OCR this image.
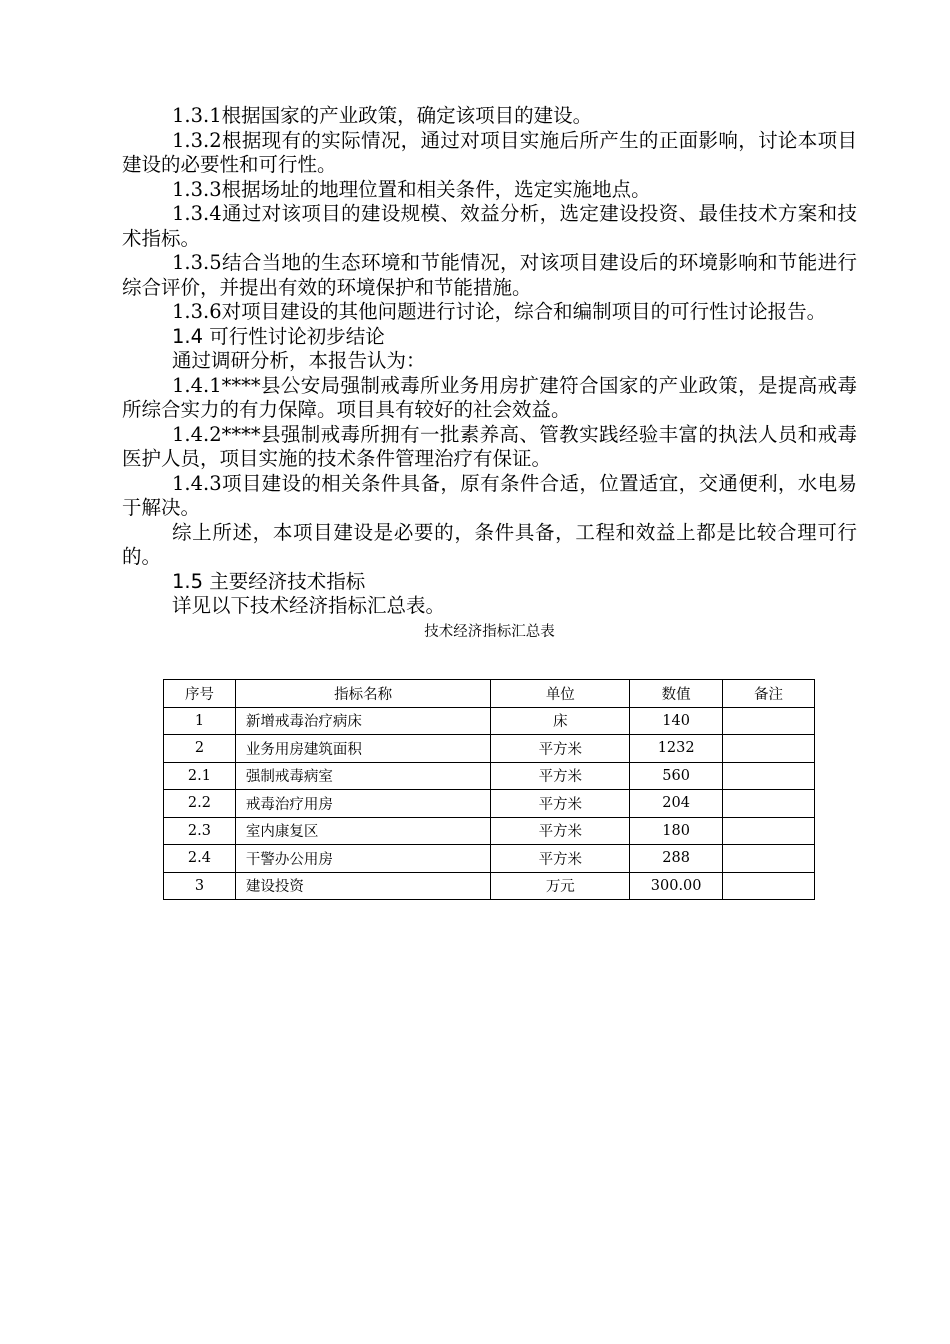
1.3.1根据国家的产业政策，确定该项目的建设。

1.3.2根据现有的实际情况，通过对项目实施后所产生的正面影响，讨论本项目建设的必要性和可行性。

1.3.3根据场址的地理位置和相关条件，选定实施地点。

1.3.4通过对该项目的建设规模、效益分析，选定建设投资、最佳技术方案和技术指标。

1.3.5结合当地的生态环境和节能情况，对该项目建设后的环境影响和节能进行综合评价，并提出有效的环境保护和节能措施。

1.3.6对项目建设的其他问题进行讨论，综合和编制项目的可行性讨论报告。

1.4 可行性讨论初步结论

通过调研分析，本报告认为：

1.4.1****县公安局强制戒毒所业务用房扩建符合国家的产业政策，是提高戒毒所综合实力的有力保障。项目具有较好的社会效益。

1.4.2****县强制戒毒所拥有一批素养高、管教实践经验丰富的执法人员和戒毒医护人员，项目实施的技术条件管理治疗有保证。

1.4.3项目建设的相关条件具备，原有条件合适，位置适宜，交通便利，水电易于解决。

综上所述，本项目建设是必要的，条件具备，工程和效益上都是比较合理可行的。

1.5 主要经济技术指标

详见以下技术经济指标汇总表。

技术经济指标汇总表

序号	指标名称	单位	数值	备注
1	新增戒毒治疗病床	床	140	
2	业务用房建筑面积	平方米	1232	
2.1	强制戒毒病室	平方米	560	
2.2	戒毒治疗用房	平方米	204	
2.3	室内康复区	平方米	180	
2.4	干警办公用房	平方米	288	
3	建设投资	万元	300.00	
